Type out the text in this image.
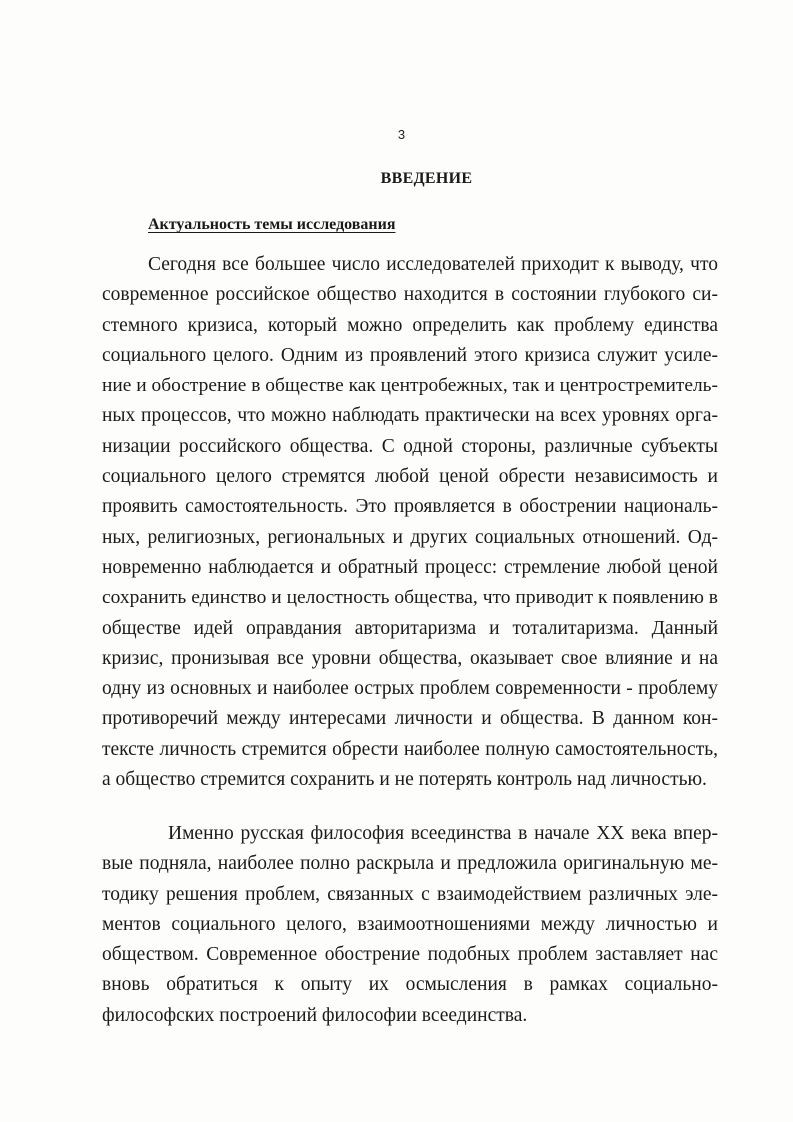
3
ВВЕДЕНИЕ
Актуальность темы исследования
Сегодня все большее число исследователей приходит к выводу, что
современное российское общество находится в состоянии глубокого си-
стемного кризиса, который можно определить как проблему единства
социального целого. Одним из проявлений этого кризиса служит усиле-
ние и обострение в обществе как центробежных, так и центростремитель-
ных процессов, что можно наблюдать практически на всех уровнях орга-
низации российского общества. С одной стороны, различные субъекты
социального целого стремятся любой ценой обрести независимость и
проявить самостоятельность. Это проявляется в обострении националь-
ных, религиозных, региональных и других социальных отношений. Од-
новременно наблюдается и обратный процесс: стремление любой ценой
сохранить единство и целостность общества, что приводит к появлению в
обществе идей оправдания авторитаризма и тоталитаризма. Данный
кризис, пронизывая все уровни общества, оказывает свое влияние и на
одну из основных и наиболее острых проблем современности - проблему
противоречий между интересами личности и общества. В данном кон-
тексте личность стремится обрести наиболее полную самостоятельность,
а общество стремится сохранить и не потерять контроль над личностью.
Именно русская философия всеединства в начале XX века впер-
вые подняла, наиболее полно раскрыла и предложила оригинальную ме-
тодику решения проблем, связанных с взаимодействием различных эле-
ментов социального целого, взаимоотношениями между личностью и
обществом. Современное обострение подобных проблем заставляет нас
вновь обратиться к опыту их осмысления в рамках социально-
философских построений философии всеединства.
